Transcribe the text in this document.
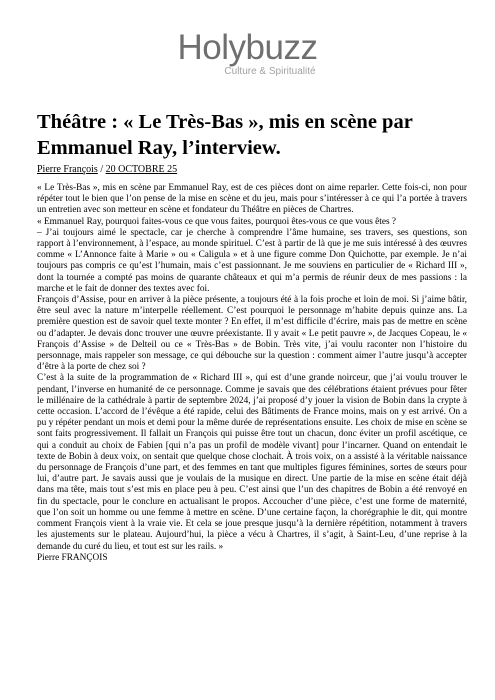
Holybuzz
Culture & Spiritualité
Théâtre : « Le Très-Bas », mis en scène par Emmanuel Ray, l’interview.
Pierre François / 20 OCTOBRE 25

« Le Très-Bas », mis en scène par Emmanuel Ray, est de ces pièces dont on aime reparler. Cette fois-ci, non pour répéter tout le bien que l’on pense de la mise en scène et du jeu, mais pour s’intéresser à ce qui l’a portée à travers un entretien avec son metteur en scène et fondateur du Théâtre en pièces de Chartres.

« Emmanuel Ray, pourquoi faites-vous ce que vous faites, pourquoi êtes-vous ce que vous êtes ?

– J’ai toujours aimé le spectacle, car je cherche à comprendre l’âme humaine, ses travers, ses questions, son rapport à l’environnement, à l’espace, au monde spirituel. C’est à partir de là que je me suis intéressé à des œuvres comme « L’Annonce faite à Marie » ou « Caligula » et à une figure comme Don Quichotte, par exemple. Je n’ai toujours pas compris ce qu’est l’humain, mais c’est passionnant. Je me souviens en particulier de « Richard III », dont la tournée a compté pas moins de quarante châteaux et qui m’a permis de réunir deux de mes passions : la marche et le fait de donner des textes avec foi.

François d’Assise, pour en arriver à la pièce présente, a toujours été à la fois proche et loin de moi. Si j’aime bâtir, être seul avec la nature m’interpelle réellement. C’est pourquoi le personnage m’habite depuis quinze ans. La première question est de savoir quel texte monter ? En effet, il m’est difficile d’écrire, mais pas de mettre en scène ou d’adapter. Je devais donc trouver une œuvre préexistante. Il y avait « Le petit pauvre », de Jacques Copeau, le « François d’Assise » de Delteil ou ce « Très-Bas » de Bobin. Très vite, j’ai voulu raconter non l’histoire du personnage, mais rappeler son message, ce qui débouche sur la question : comment aimer l’autre jusqu’à accepter d’être à la porte de chez soi ?

C’est à la suite de la programmation de « Richard III », qui est d’une grande noirceur, que j’ai voulu trouver le pendant, l’inverse en humanité de ce personnage. Comme je savais que des célébrations étaient prévues pour fêter le millénaire de la cathédrale à partir de septembre 2024, j’ai proposé d’y jouer la vision de Bobin dans la crypte à cette occasion. L’accord de l’évêque a été rapide, celui des Bâtiments de France moins, mais on y est arrivé. On a pu y répéter pendant un mois et demi pour la même durée de représentations ensuite. Les choix de mise en scène se sont faits progressivement. Il fallait un François qui puisse être tout un chacun, donc éviter un profil ascétique, ce qui a conduit au choix de Fabien [qui n’a pas un profil de modèle vivant] pour l’incarner. Quand on entendait le texte de Bobin à deux voix, on sentait que quelque chose clochait. À trois voix, on a assisté à la véritable naissance du personnage de François d’une part, et des femmes en tant que multiples figures féminines, sortes de sœurs pour lui, d’autre part. Je savais aussi que je voulais de la musique en direct. Une partie de la mise en scène était déjà dans ma tête, mais tout s’est mis en place peu à peu. C’est ainsi que l’un des chapitres de Bobin a été renvoyé en fin du spectacle, pour le conclure en actualisant le propos. Accoucher d’une pièce, c’est une forme de maternité, que l’on soit un homme ou une femme à mettre en scène. D’une certaine façon, la chorégraphie le dit, qui montre comment François vient à la vraie vie. Et cela se joue presque jusqu’à la dernière répétition, notamment à travers les ajustements sur le plateau. Aujourd’hui, la pièce a vécu à Chartres, il s’agit, à Saint-Leu, d’une reprise à la demande du curé du lieu, et tout est sur les rails. »

Pierre FRANÇOIS
